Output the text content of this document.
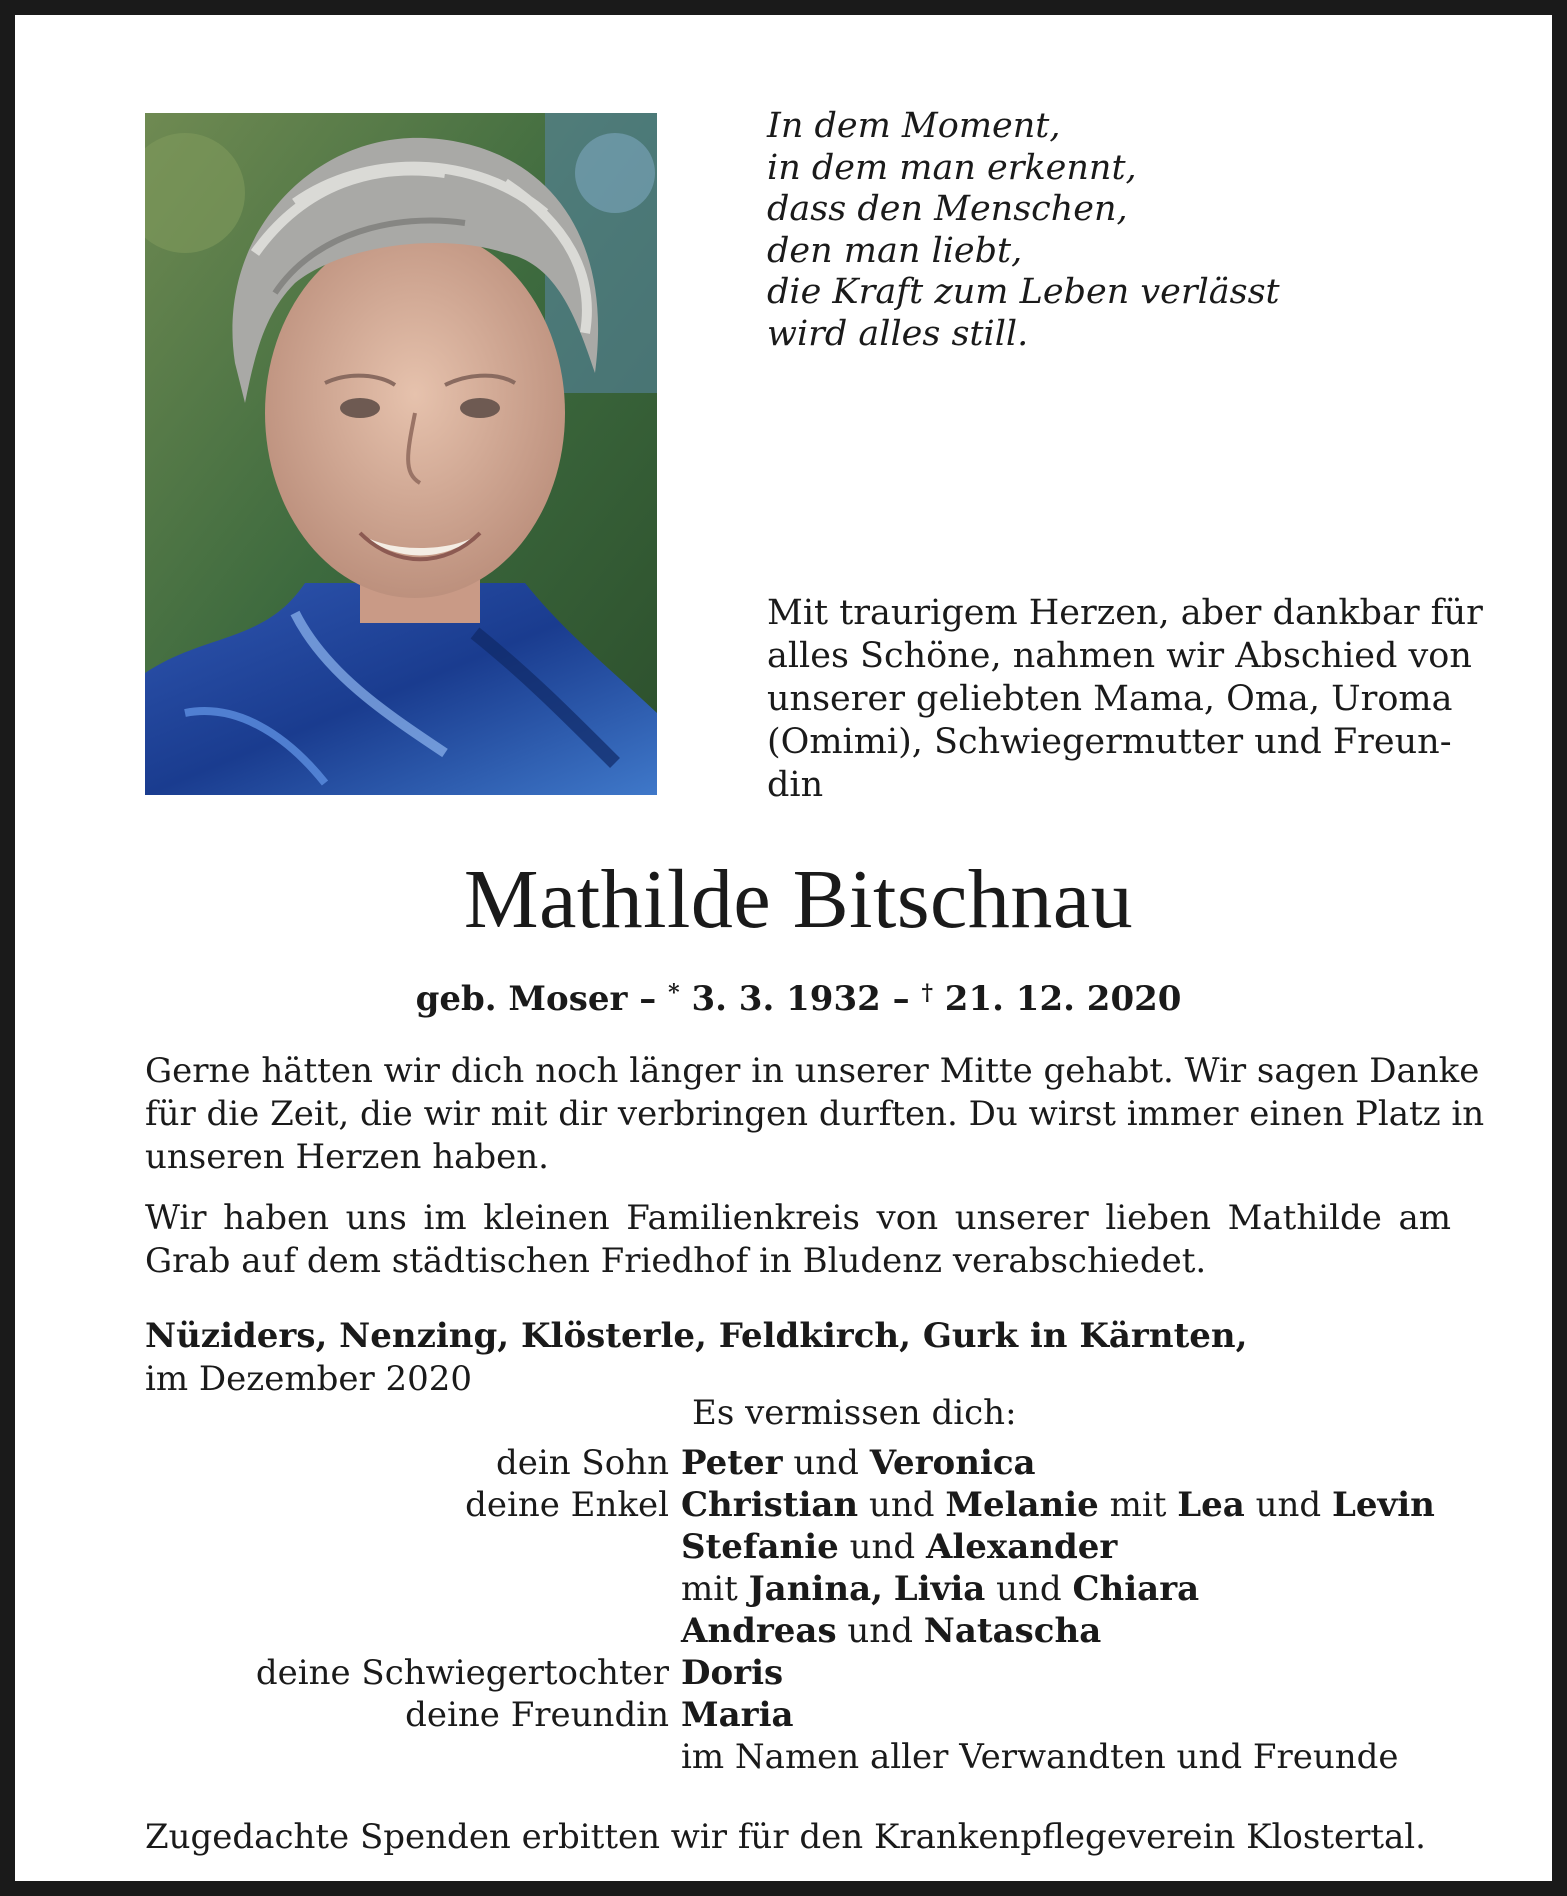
In dem Moment,
in dem man erkennt,
dass den Menschen,
den man liebt,
die Kraft zum Leben verlässt
wird alles still.
Mit traurigem Herzen, aber dankbar für
alles Schöne, nahmen wir Abschied von
unserer geliebten Mama, Oma, Uroma
(Omimi), Schwiegermutter und Freun-
din
Mathilde Bitschnau
geb. Moser – * 3. 3. 1932 – † 21. 12. 2020
Gerne hätten wir dich noch länger in unserer Mitte gehabt. Wir sagen Danke
für die Zeit, die wir mit dir verbringen durften. Du wirst immer einen Platz in
unseren Herzen haben.
Wir haben uns im kleinen Familienkreis von unserer lieben Mathilde am
Grab auf dem städtischen Friedhof in Bludenz verabschiedet.
Nüziders, Nenzing, Klösterle, Feldkirch, Gurk in Kärnten,
im Dezember 2020
Es vermissen dich:
dein Sohn Peter und Veronica
deine Enkel Christian und Melanie mit Lea und Levin
Stefanie und Alexander
mit Janina, Livia und Chiara
Andreas und Natascha
deine Schwiegertochter Doris
deine Freundin Maria
im Namen aller Verwandten und Freunde
Zugedachte Spenden erbitten wir für den Krankenpflegeverein Klostertal.
